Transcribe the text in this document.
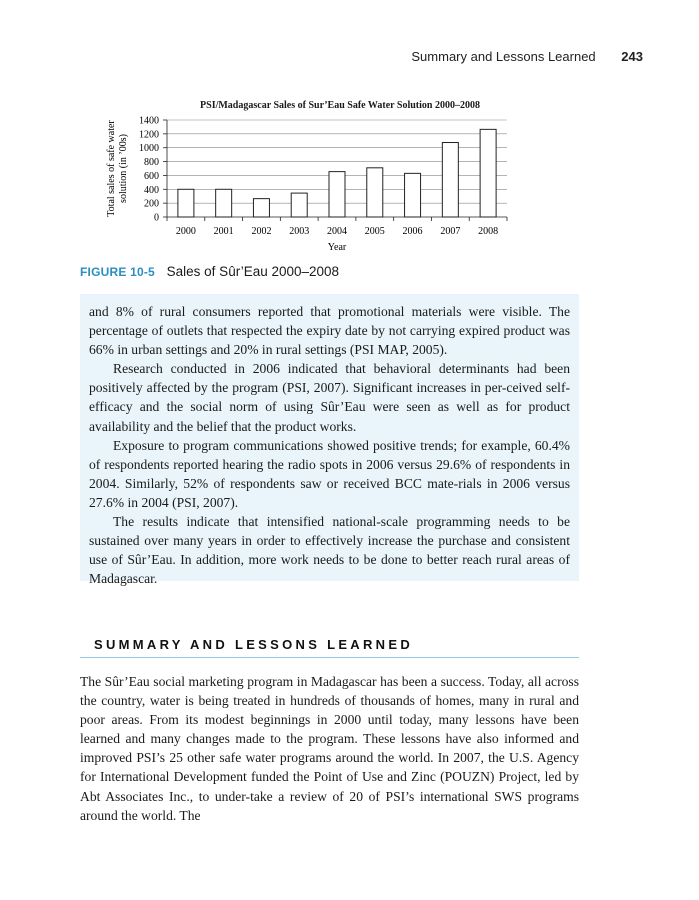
Summary and Lessons Learned 243
PSI/Madagascar Sales of Sur’Eau Safe Water Solution 2000–2008
0
200
400
600
800
1000
1200
1400
2000 2001 2002 2003 2004 2005 2006 2007 2008
Year
Total sales of safe water solution (in ’00s)
FIGURE 10-5 Sales of Sûr’Eau 2000–2008

and 8% of rural consumers reported that promotional materials were visible. The percentage of outlets that respected the expiry date by not carrying expired product was 66% in urban settings and 20% in rural settings (PSI MAP, 2005).

Research conducted in 2006 indicated that behavioral determinants had been positively affected by the program (PSI, 2007). Significant increases in per-ceived self-efficacy and the social norm of using Sûr’Eau were seen as well as for product availability and the belief that the product works.

Exposure to program communications showed positive trends; for example, 60.4% of respondents reported hearing the radio spots in 2006 versus 29.6% of respondents in 2004. Similarly, 52% of respondents saw or received BCC mate-rials in 2006 versus 27.6% in 2004 (PSI, 2007).

The results indicate that intensified national-scale programming needs to be sustained over many years in order to effectively increase the purchase and consistent use of Sûr’Eau. In addition, more work needs to be done to better reach rural areas of Madagascar.

SUMMARY AND LESSONS LEARNED

The Sûr’Eau social marketing program in Madagascar has been a success. Today, all across the country, water is being treated in hundreds of thousands of homes, many in rural and poor areas. From its modest beginnings in 2000 until today, many lessons have been learned and many changes made to the program. These lessons have also informed and improved PSI’s 25 other safe water programs around the world. In 2007, the U.S. Agency for International Development funded the Point of Use and Zinc (POUZN) Project, led by Abt Associates Inc., to under-take a review of 20 of PSI’s international SWS programs around the world. The
